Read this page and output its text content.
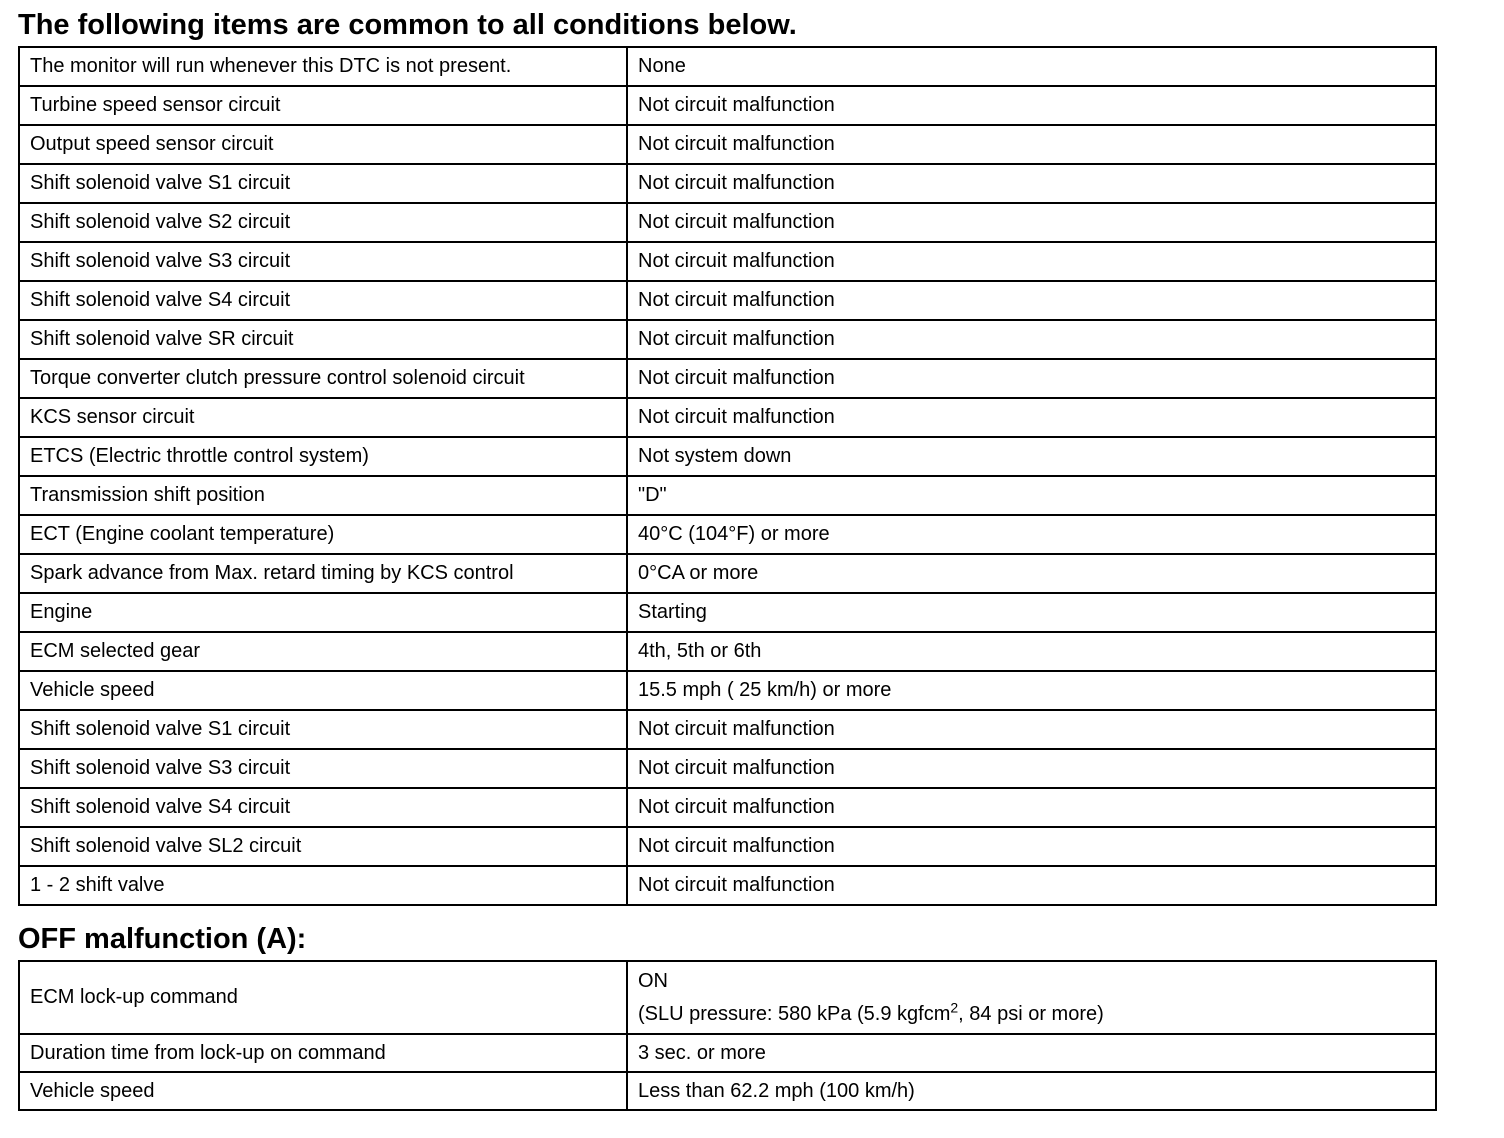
The following items are common to all conditions below.
The monitor will run whenever this DTC is not present.	None
Turbine speed sensor circuit	Not circuit malfunction
Output speed sensor circuit	Not circuit malfunction
Shift solenoid valve S1 circuit	Not circuit malfunction
Shift solenoid valve S2 circuit	Not circuit malfunction
Shift solenoid valve S3 circuit	Not circuit malfunction
Shift solenoid valve S4 circuit	Not circuit malfunction
Shift solenoid valve SR circuit	Not circuit malfunction
Torque converter clutch pressure control solenoid circuit	Not circuit malfunction
KCS sensor circuit	Not circuit malfunction
ETCS (Electric throttle control system)	Not system down
Transmission shift position	"D"
ECT (Engine coolant temperature)	40°C (104°F) or more
Spark advance from Max. retard timing by KCS control	0°CA or more
Engine	Starting
ECM selected gear	4th, 5th or 6th
Vehicle speed	15.5 mph ( 25 km/h) or more
Shift solenoid valve S1 circuit	Not circuit malfunction
Shift solenoid valve S3 circuit	Not circuit malfunction
Shift solenoid valve S4 circuit	Not circuit malfunction
Shift solenoid valve SL2 circuit	Not circuit malfunction
1 - 2 shift valve	Not circuit malfunction
OFF malfunction (A):
ECM lock-up command	ON
(SLU pressure: 580 kPa (5.9 kgfcm$^2$, 84 psi or more)

Duration time from lock-up on command	3 sec. or more
Vehicle speed	Less than 62.2 mph (100 km/h)
